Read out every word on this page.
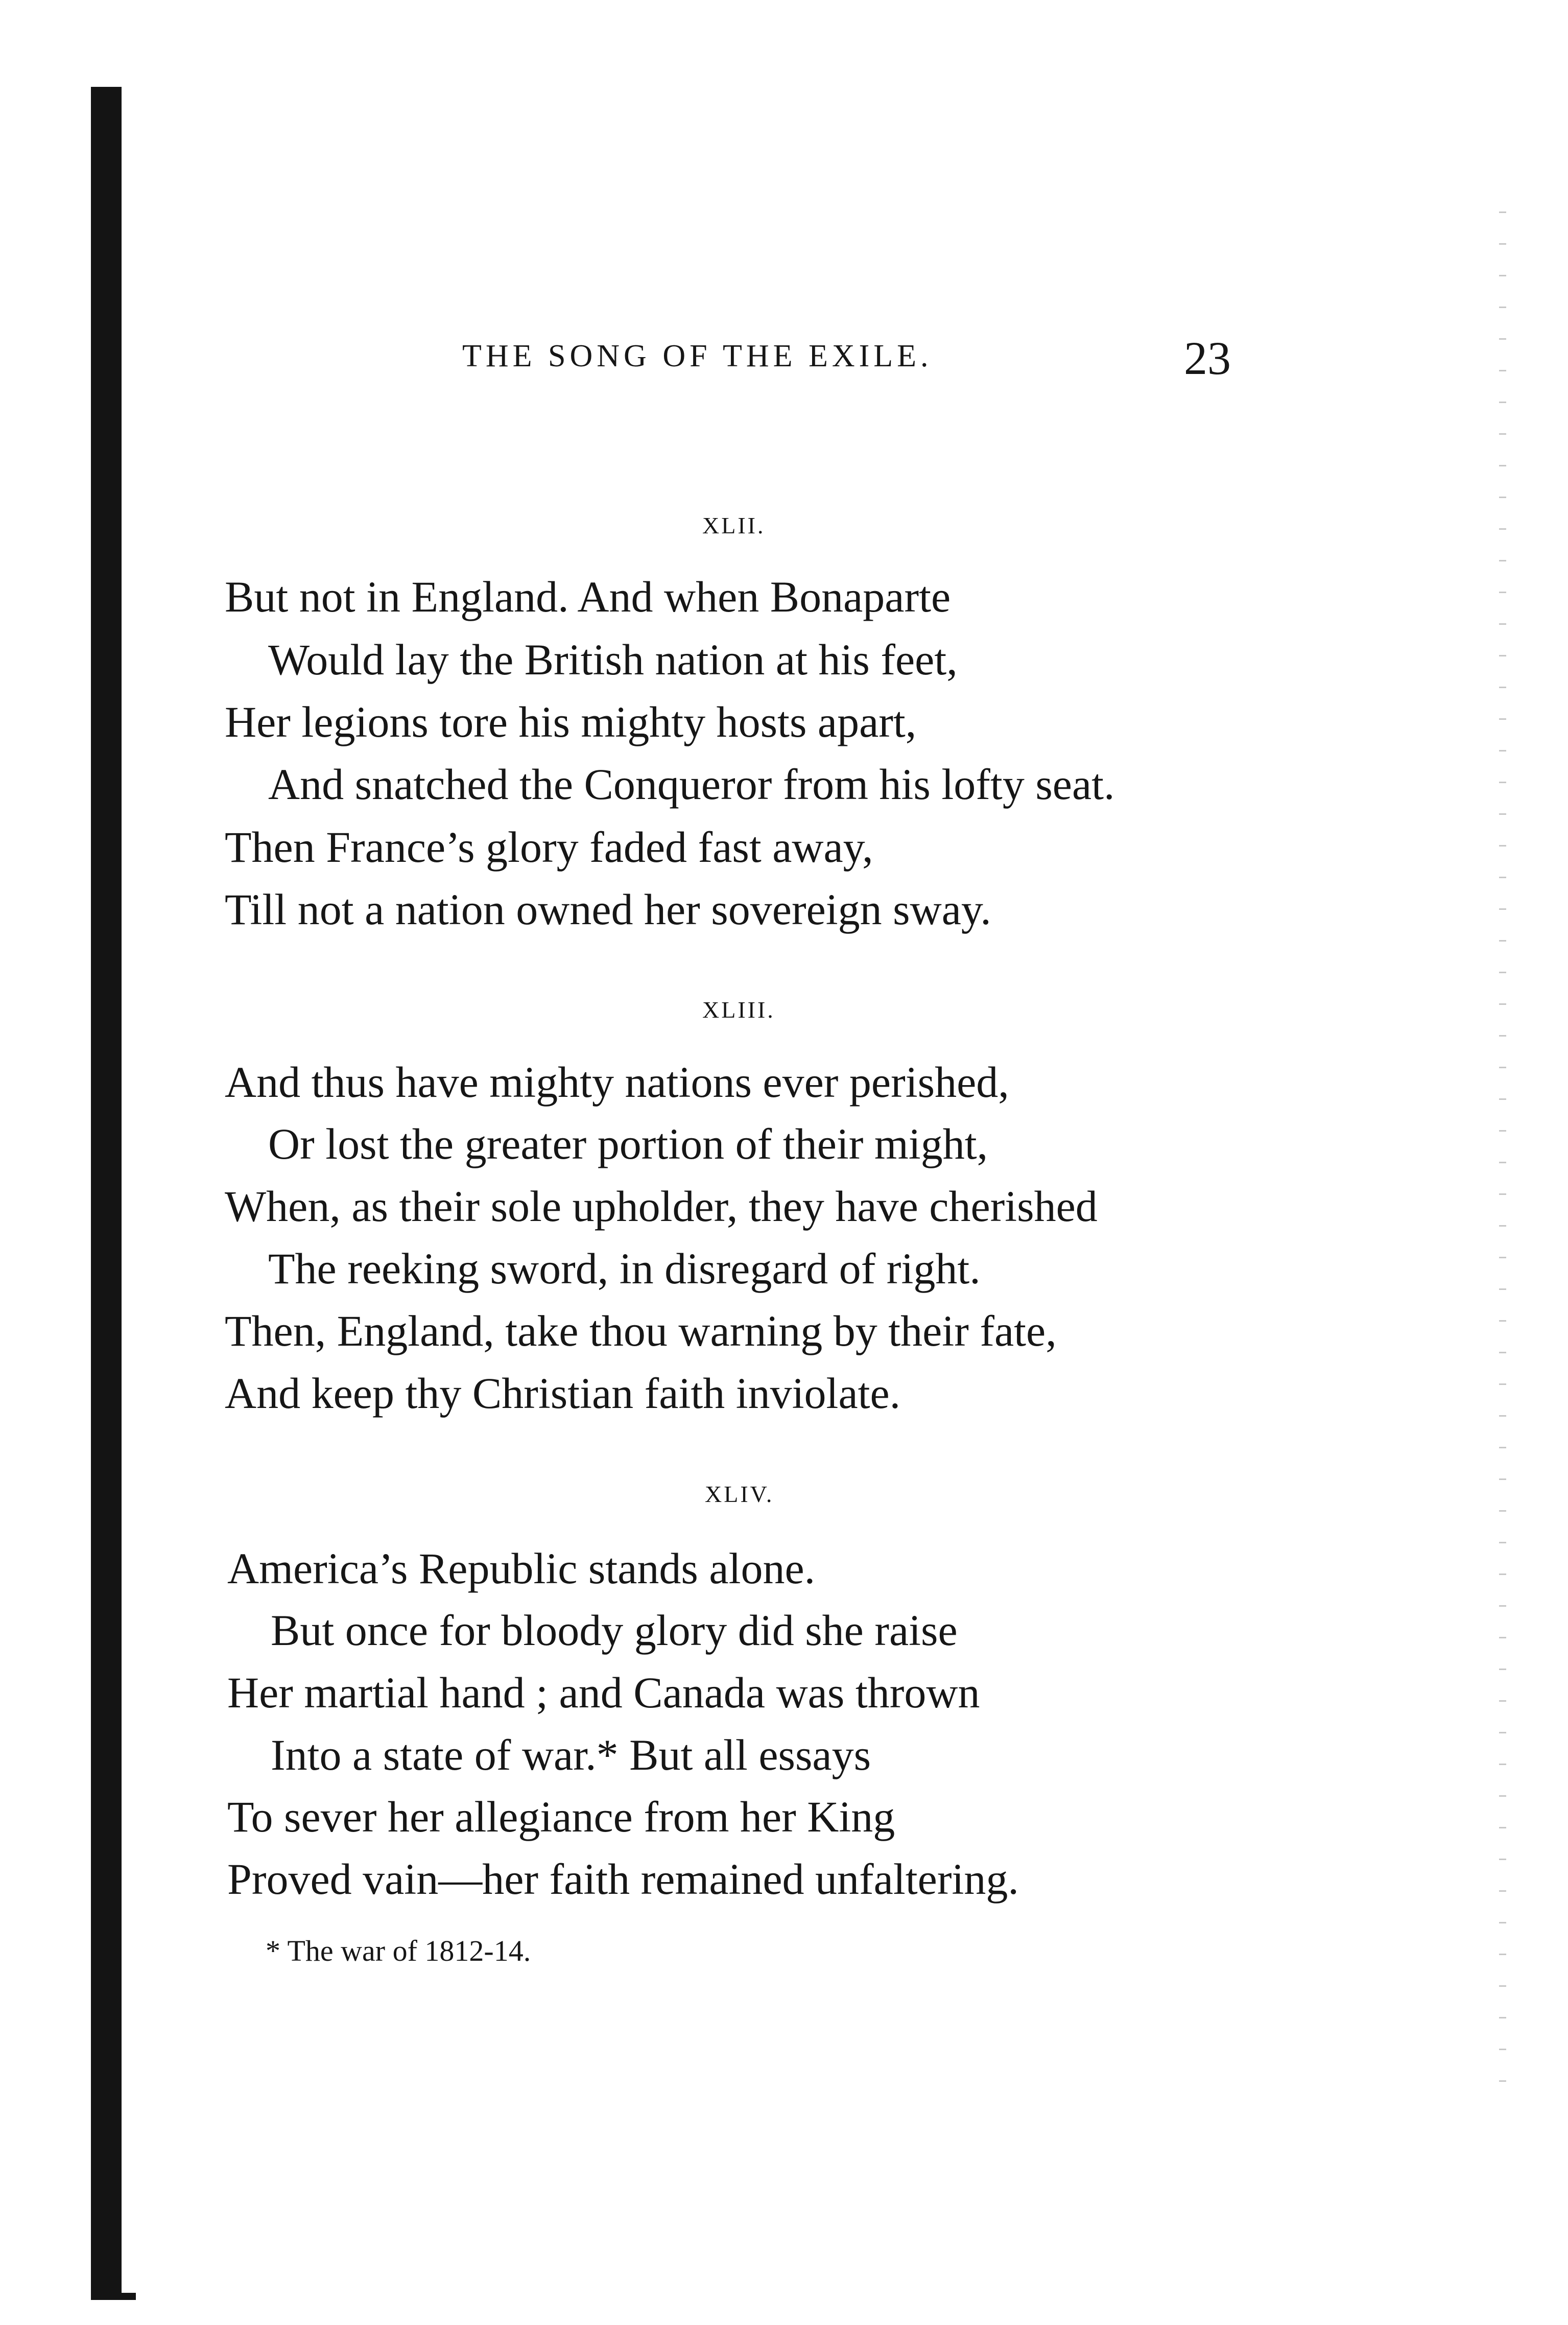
THE SONG OF THE EXILE.	23
XLII.
But not in England. And when Bonaparte
Would lay the British nation at his feet,
Her legions tore his mighty hosts apart,
And snatched the Conqueror from his lofty seat.
Then France’s glory faded fast away,
Till not a nation owned her sovereign sway.
XLIII.
And thus have mighty nations ever perished,
Or lost the greater portion of their might,
When, as their sole upholder, they have cherished
The reeking sword, in disregard of right.
Then, England, take thou warning by their fate,
And keep thy Christian faith inviolate.
XLIV.
America’s Republic stands alone.
But once for bloody glory did she raise
Her martial hand ; and Canada was thrown
Into a state of war.* But all essays
To sever her allegiance from her King
Proved vain—her faith remained unfaltering.
* The war of 1812-14.
